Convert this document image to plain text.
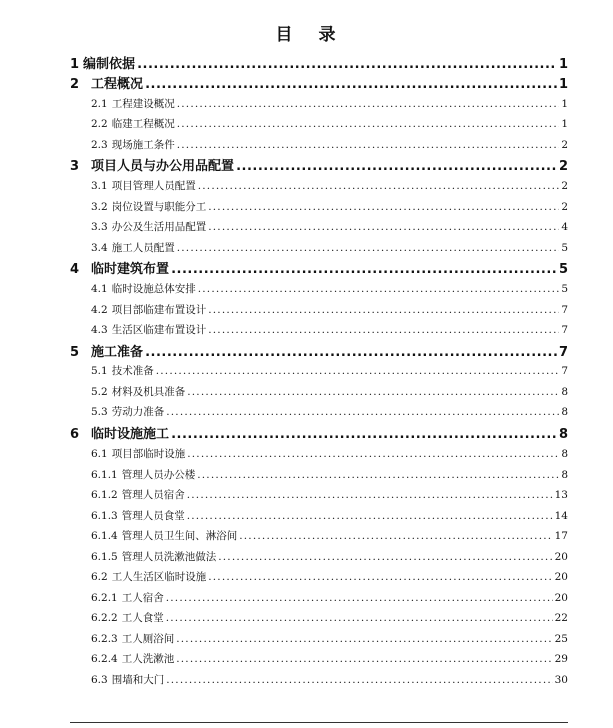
目 录
1 编制依据 .....	1
2 工程概况 .....	1
2.1 工程建设概况 .....	1
2.2 临建工程概况 .....	1
2.3 现场施工条件 .....	2
3 项目人员与办公用品配置 .....	2
3.1 项目管理人员配置 .....	2
3.2 岗位设置与职能分工 .....	2
3.3 办公及生活用品配置 .....	4
3.4 施工人员配置 .....	5
4 临时建筑布置 .....	5
4.1 临时设施总体安排 .....	5
4.2 项目部临建布置设计 .....	7
4.3 生活区临建布置设计 .....	7
5 施工准备 .....	7
5.1 技术准备 .....	7
5.2 材料及机具准备 .....	8
5.3 劳动力准备 .....	8
6 临时设施施工 .....	8
6.1 项目部临时设施 .....	8
6.1.1 管理人员办公楼 .....	8
6.1.2 管理人员宿舍 .....	13
6.1.3 管理人员食堂 .....	14
6.1.4 管理人员卫生间、淋浴间 .....	17
6.1.5 管理人员洗漱池做法 .....	20
6.2 工人生活区临时设施 .....	20
6.2.1 工人宿舍 .....	20
6.2.2 工人食堂 .....	22
6.2.3 工人厕浴间 .....	25
6.2.4 工人洗漱池 .....	29
6.3 围墙和大门 .....	30
